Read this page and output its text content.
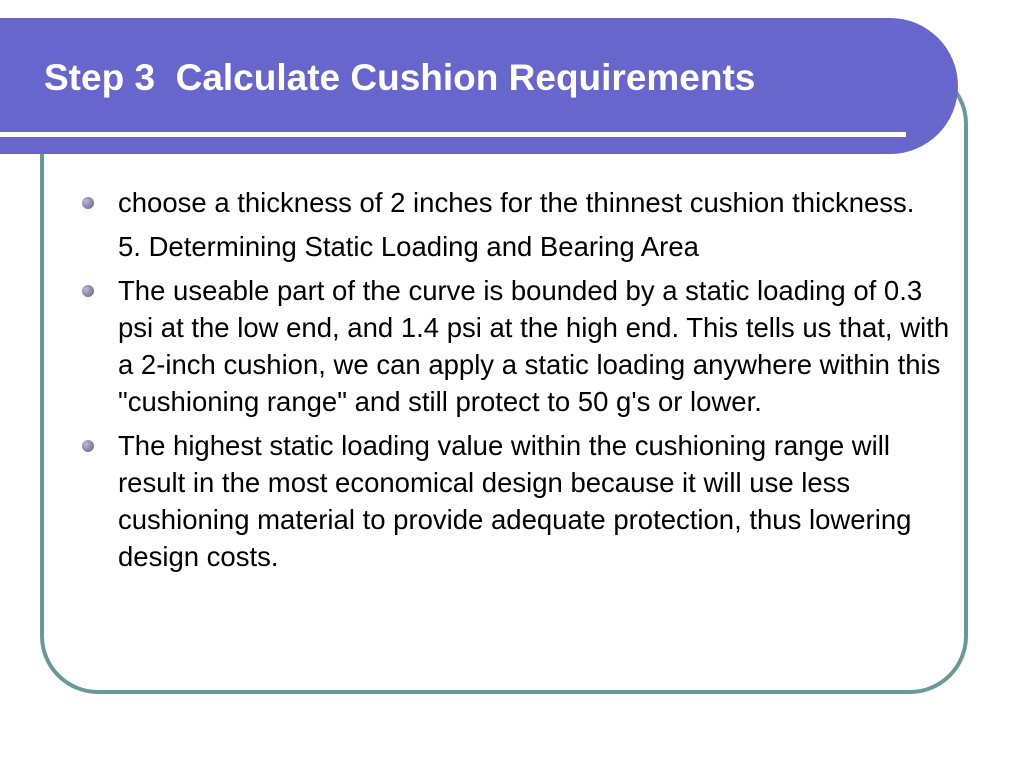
Step 3  Calculate Cushion Requirements
choose a thickness of 2 inches for the thinnest cushion thickness.
5. Determining Static Loading and Bearing Area
The useable part of the curve is bounded by a static loading of 0.3 psi at the low end, and 1.4 psi at the high end. This tells us that, with a 2-inch cushion, we can apply a static loading anywhere within this "cushioning range" and still protect to 50 g's or lower.
The highest static loading value within the cushioning range will result in the most economical design because it will use less cushioning material to provide adequate protection, thus lowering design costs.
